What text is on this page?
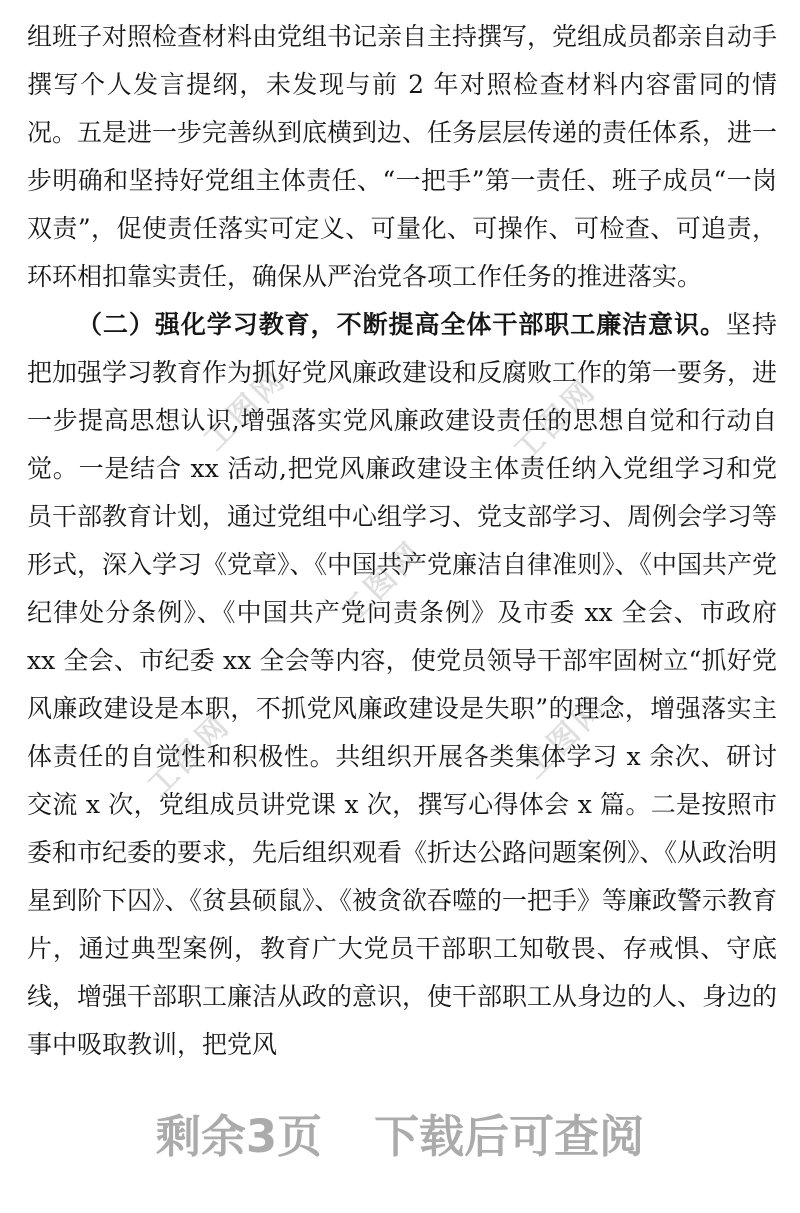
工图网	工图网
工图网
工图网	工图网

组班子对照检查材料由党组书记亲自主持撰写，党组成员都亲自动手撰写个人发言提纲，未发现与前 2 年对照检查材料内容雷同的情况。五是进一步完善纵到底横到边、任务层层传递的责任体系，进一步明确和坚持好党组主体责任、“一把手”第一责任、班子成员“一岗双责”，促使责任落实可定义、可量化、可操作、可检查、可追责，环环相扣靠实责任，确保从严治党各项工作任务的推进落实。

（二）强化学习教育，不断提高全体干部职工廉洁意识。坚持把加强学习教育作为抓好党风廉政建设和反腐败工作的第一要务，进一步提高思想认识,增强落实党风廉政建设责任的思想自觉和行动自觉。一是结合 xx 活动,把党风廉政建设主体责任纳入党组学习和党员干部教育计划，通过党组中心组学习、党支部学习、周例会学习等形式，深入学习《党章》、《中国共产党廉洁自律准则》、《中国共产党纪律处分条例》、《中国共产党问责条例》及市委 xx 全会、市政府 xx 全会、市纪委 xx 全会等内容，使党员领导干部牢固树立“抓好党风廉政建设是本职，不抓党风廉政建设是失职”的理念，增强落实主体责任的自觉性和积极性。共组织开展各类集体学习 x 余次、研讨交流 x 次，党组成员讲党课 x 次，撰写心得体会 x 篇。二是按照市委和市纪委的要求，先后组织观看《折达公路问题案例》、《从政治明星到阶下囚》、《贫县硕鼠》、《被贪欲吞噬的一把手》等廉政警示教育片，通过典型案例，教育广大党员干部职工知敬畏、存戒惧、守底线，增强干部职工廉洁从政的意识，使干部职工从身边的人、身边的事中吸取教训，把党风

剩余3页 下载后可查阅
